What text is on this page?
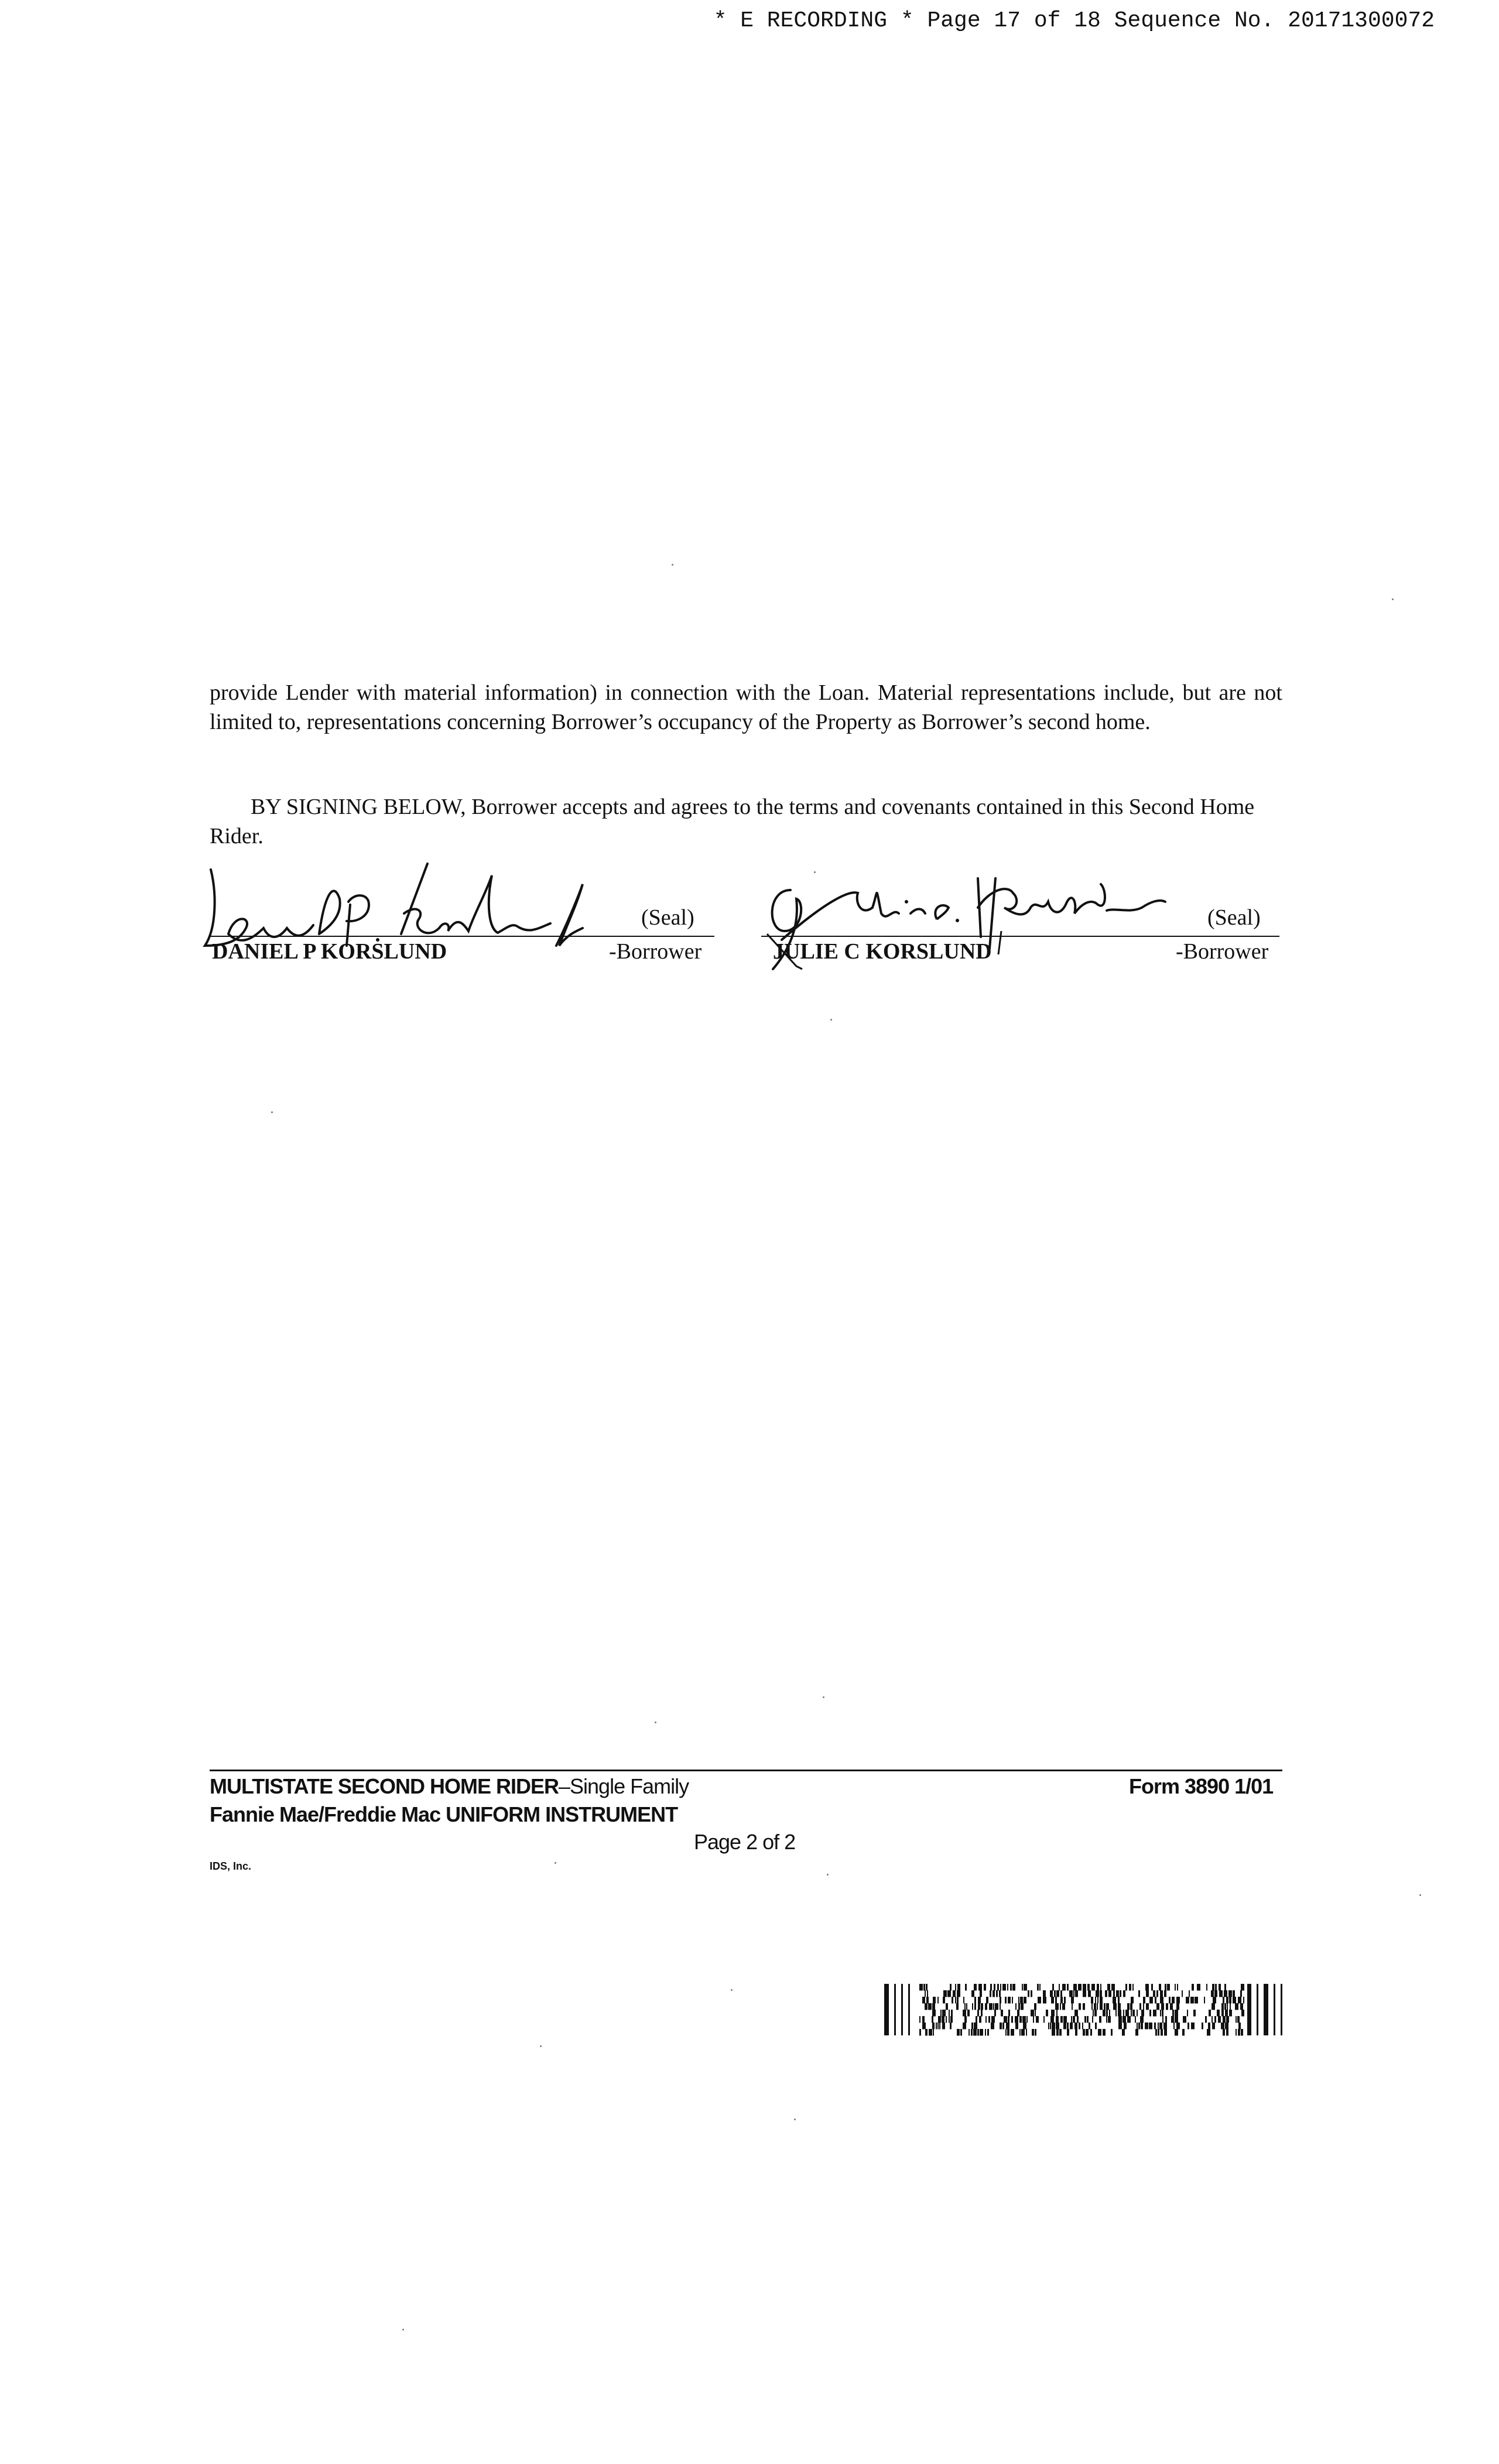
* E RECORDING * Page 17 of 18 Sequence No. 20171300072
provide Lender with material information) in connection with the Loan. Material representations include, but are not limited to, representations concerning Borrower’s occupancy of the Property as Borrower’s second home.
BY SIGNING BELOW, Borrower accepts and agrees to the terms and covenants contained in this Second Home Rider.
(Seal)
DANIEL P KORSLUND	-Borrower
(Seal)
JULIE C KORSLUND	-Borrower
MULTISTATE SECOND HOME RIDER–Single Family
Fannie Mae/Freddie Mac UNIFORM INSTRUMENT
Form 3890 1/01
Page 2 of 2
IDS, Inc.
